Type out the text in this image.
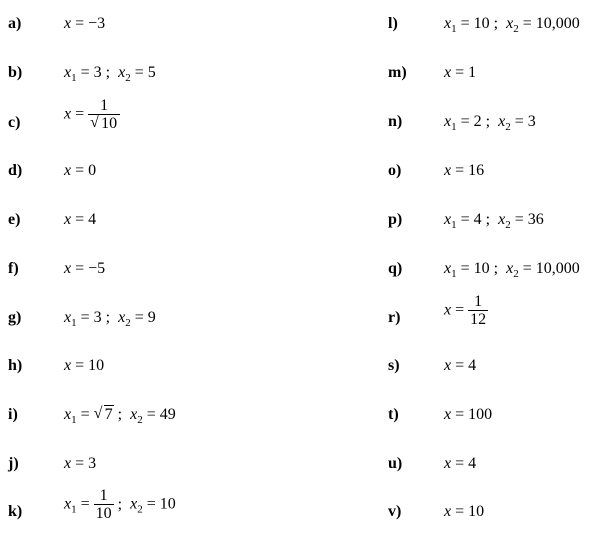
a)	x = −3
b)	$x_1 = 3$ ; $x_2 = 5$
c)	$x = \frac{1}{√ 10}$
d)	x = 0
e)	x = 4
f)	x = −5
g)	$x_1 = 3$ ; $x_2 = 9$
h)	x = 10
i)	$x_1$ = √ 7 ; $x_2 = 49$
j)	x = 3
k)	$x_1 = \frac{1}{10}$ ; $x_2 = 10$
l)	$x_1 = 10$ ; $x_2 = 10,000$
m) x = 1
n)	$x_1 = 2$ ; $x_2 = 3$
o)	x = 16
p)	$x_1 = 4$ ; $x_2 = 36$
q)	$x_1 = 10$ ; $x_2 = 10,000$
r)	$x = \frac{1}{12}$
s)	x = 4
t)	x = 100
u)	x = 4
v)	x = 10
